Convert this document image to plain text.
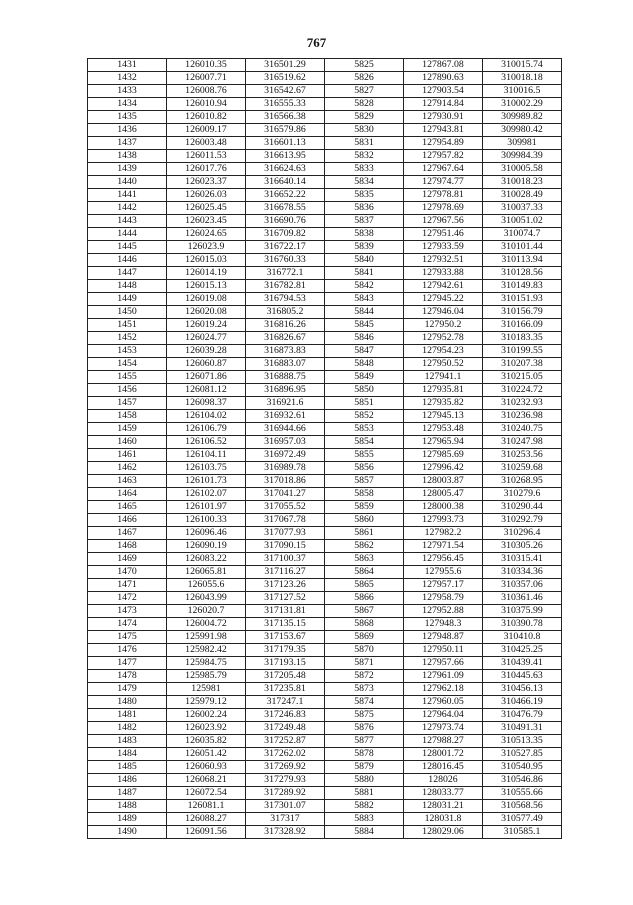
767
1431	126010.35	316501.29	5825	127867.08	310015.74
1432	126007.71	316519.62	5826	127890.63	310018.18
1433	126008.76	316542.67	5827	127903.54	310016.5
1434	126010.94	316555.33	5828	127914.84	310002.29
1435	126010.82	316566.38	5829	127930.91	309989.82
1436	126009.17	316579.86	5830	127943.81	309980.42
1437	126003.48	316601.13	5831	127954.89	309981
1438	126011.53	316613.95	5832	127957.82	309984.39
1439	126017.76	316624.63	5833	127967.64	310005.58
1440	126023.37	316640.14	5834	127974.77	310018.23
1441	126026.03	316652.22	5835	127978.81	310028.49
1442	126025.45	316678.55	5836	127978.69	310037.33
1443	126023.45	316690.76	5837	127967.56	310051.02
1444	126024.65	316709.82	5838	127951.46	310074.7
1445	126023.9	316722.17	5839	127933.59	310101.44
1446	126015.03	316760.33	5840	127932.51	310113.94
1447	126014.19	316772.1	5841	127933.88	310128.56
1448	126015.13	316782.81	5842	127942.61	310149.83
1449	126019.08	316794.53	5843	127945.22	310151.93
1450	126020.08	316805.2	5844	127946.04	310156.79
1451	126019.24	316816.26	5845	127950.2	310166.09
1452	126024.77	316826.67	5846	127952.78	310183.35
1453	126039.28	316873.83	5847	127954.23	310199.55
1454	126060.87	316883.07	5848	127950.52	310207.38
1455	126071.86	316888.75	5849	127941.1	310215.05
1456	126081.12	316896.95	5850	127935.81	310224.72
1457	126098.37	316921.6	5851	127935.82	310232.93
1458	126104.02	316932.61	5852	127945.13	310236.98
1459	126106.79	316944.66	5853	127953.48	310240.75
1460	126106.52	316957.03	5854	127965.94	310247.98
1461	126104.11	316972.49	5855	127985.69	310253.56
1462	126103.75	316989.78	5856	127996.42	310259.68
1463	126101.73	317018.86	5857	128003.87	310268.95
1464	126102.07	317041.27	5858	128005.47	310279.6
1465	126101.97	317055.52	5859	128000.38	310290.44
1466	126100.33	317067.78	5860	127993.73	310292.79
1467	126096.46	317077.93	5861	127982.2	310296.4
1468	126090.19	317090.15	5862	127971.54	310305.26
1469	126083.22	317100.37	5863	127956.45	310315.41
1470	126065.81	317116.27	5864	127955.6	310334.36
1471	126055.6	317123.26	5865	127957.17	310357.06
1472	126043.99	317127.52	5866	127958.79	310361.46
1473	126020.7	317131.81	5867	127952.88	310375.99
1474	126004.72	317135.15	5868	127948.3	310390.78
1475	125991.98	317153.67	5869	127948.87	310410.8
1476	125982.42	317179.35	5870	127950.11	310425.25
1477	125984.75	317193.15	5871	127957.66	310439.41
1478	125985.79	317205.48	5872	127961.09	310445.63
1479	125981	317235.81	5873	127962.18	310456.13
1480	125979.12	317247.1	5874	127960.05	310466.19
1481	126002.24	317246.83	5875	127964.04	310476.79
1482	126023.92	317249.48	5876	127973.74	310491.31
1483	126035.82	317252.87	5877	127988.27	310513.35
1484	126051.42	317262.02	5878	128001.72	310527.85
1485	126060.93	317269.92	5879	128016.45	310540.95
1486	126068.21	317279.93	5880	128026	310546.86
1487	126072.54	317289.92	5881	128033.77	310555.66
1488	126081.1	317301.07	5882	128031.21	310568.56
1489	126088.27	317317	5883	128031.8	310577.49
1490	126091.56	317328.92	5884	128029.06	310585.1
